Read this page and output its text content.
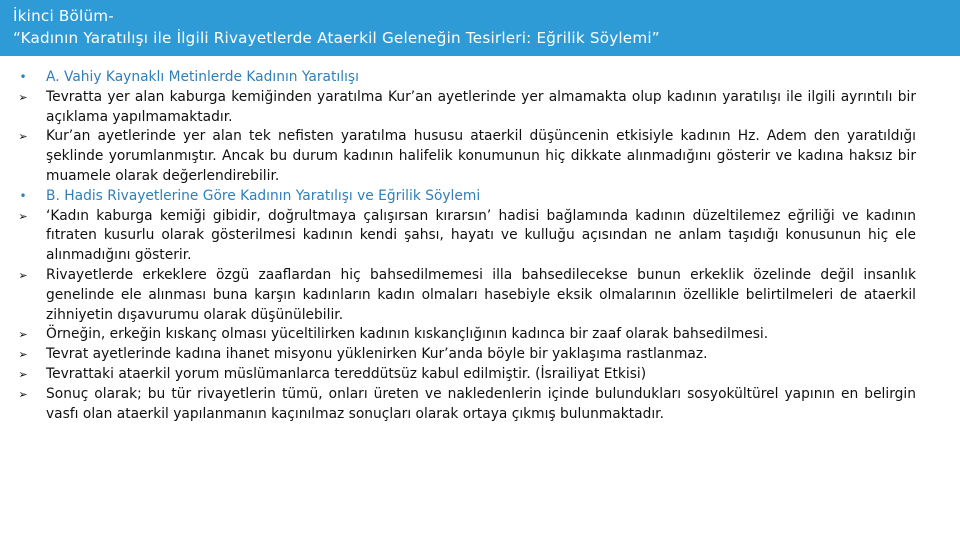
İkinci Bölüm-
“Kadının Yaratılışı ile İlgili Rivayetlerde Ataerkil Geleneğin Tesirleri: Eğrilik Söylemi”

• A. Vahiy Kaynaklı Metinlerde Kadının Yaratılışı

➢ Tevratta yer alan kaburga kemiğinden yaratılma Kur’an ayetlerinde yer almamakta olup kadının yaratılışı ile ilgili ayrıntılı bir açıklama yapılmamaktadır.

➢ Kur’an ayetlerinde yer alan tek nefisten yaratılma hususu ataerkil düşüncenin etkisiyle kadının Hz. Adem den yaratıldığı şeklinde yorumlanmıştır. Ancak bu durum kadının halifelik konumunun hiç dikkate alınmadığını gösterir ve kadına haksız bir muamele olarak değerlendirebilir.

• B. Hadis Rivayetlerine Göre Kadının Yaratılışı ve Eğrilik Söylemi

➢ ‘Kadın kaburga kemiği gibidir, doğrultmaya çalışırsan kırarsın’ hadisi bağlamında kadının düzeltilemez eğriliği ve kadının fıtraten kusurlu olarak gösterilmesi kadının kendi şahsı, hayatı ve kulluğu açısından ne anlam taşıdığı konusunun hiç ele alınmadığını gösterir.

➢ Rivayetlerde erkeklere özgü zaaflardan hiç bahsedilmemesi illa bahsedilecekse bunun erkeklik özelinde değil insanlık genelinde ele alınması buna karşın kadınların kadın olmaları hasebiyle eksik olmalarının özellikle belirtilmeleri de ataerkil zihniyetin dışavurumu olarak düşünülebilir.

➢ Örneğin, erkeğin kıskanç olması yüceltilirken kadının kıskançlığının kadınca bir zaaf olarak bahsedilmesi.

➢ Tevrat ayetlerinde kadına ihanet misyonu yüklenirken Kur’anda böyle bir yaklaşıma rastlanmaz.

➢ Tevrattaki ataerkil yorum müslümanlarca tereddütsüz kabul edilmiştir. (İsrailiyat Etkisi)

➢ Sonuç olarak; bu tür rivayetlerin tümü, onları üreten ve nakledenlerin içinde bulundukları sosyokültürel yapının en belirgin vasfı olan ataerkil yapılanmanın kaçınılmaz sonuçları olarak ortaya çıkmış bulunmaktadır.
